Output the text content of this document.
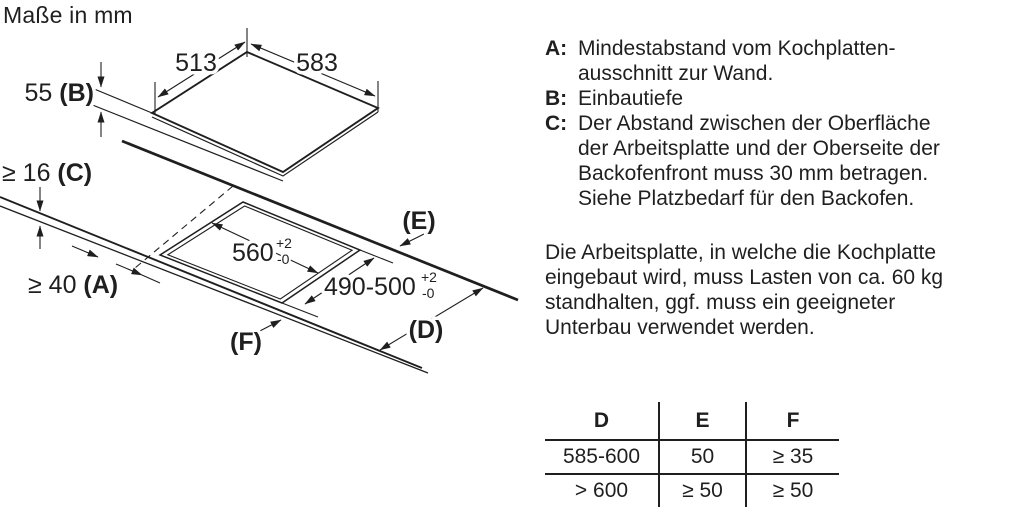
Maße in mm
513	583
55 (B)
≥ 16 (C)
≥ 40 (A)
560 +2
-0
490-500 +2
-0
(E)
(D)
(F)
A: Mindestabstand vom Kochplatten-
ausschnitt zur Wand.
B: Einbautiefe
C: Der Abstand zwischen der Oberfläche
der Arbeitsplatte und der Oberseite der
Backofenfront muss 30 mm betragen.
Siehe Platzbedarf für den Backofen.
Die Arbeitsplatte, in welche die Kochplatte
eingebaut wird, muss Lasten von ca. 60 kg
standhalten, ggf. muss ein geeigneter
Unterbau verwendet werden.
D	E	F
585-600	50	≥ 35
> 600	≥ 50	≥ 50
